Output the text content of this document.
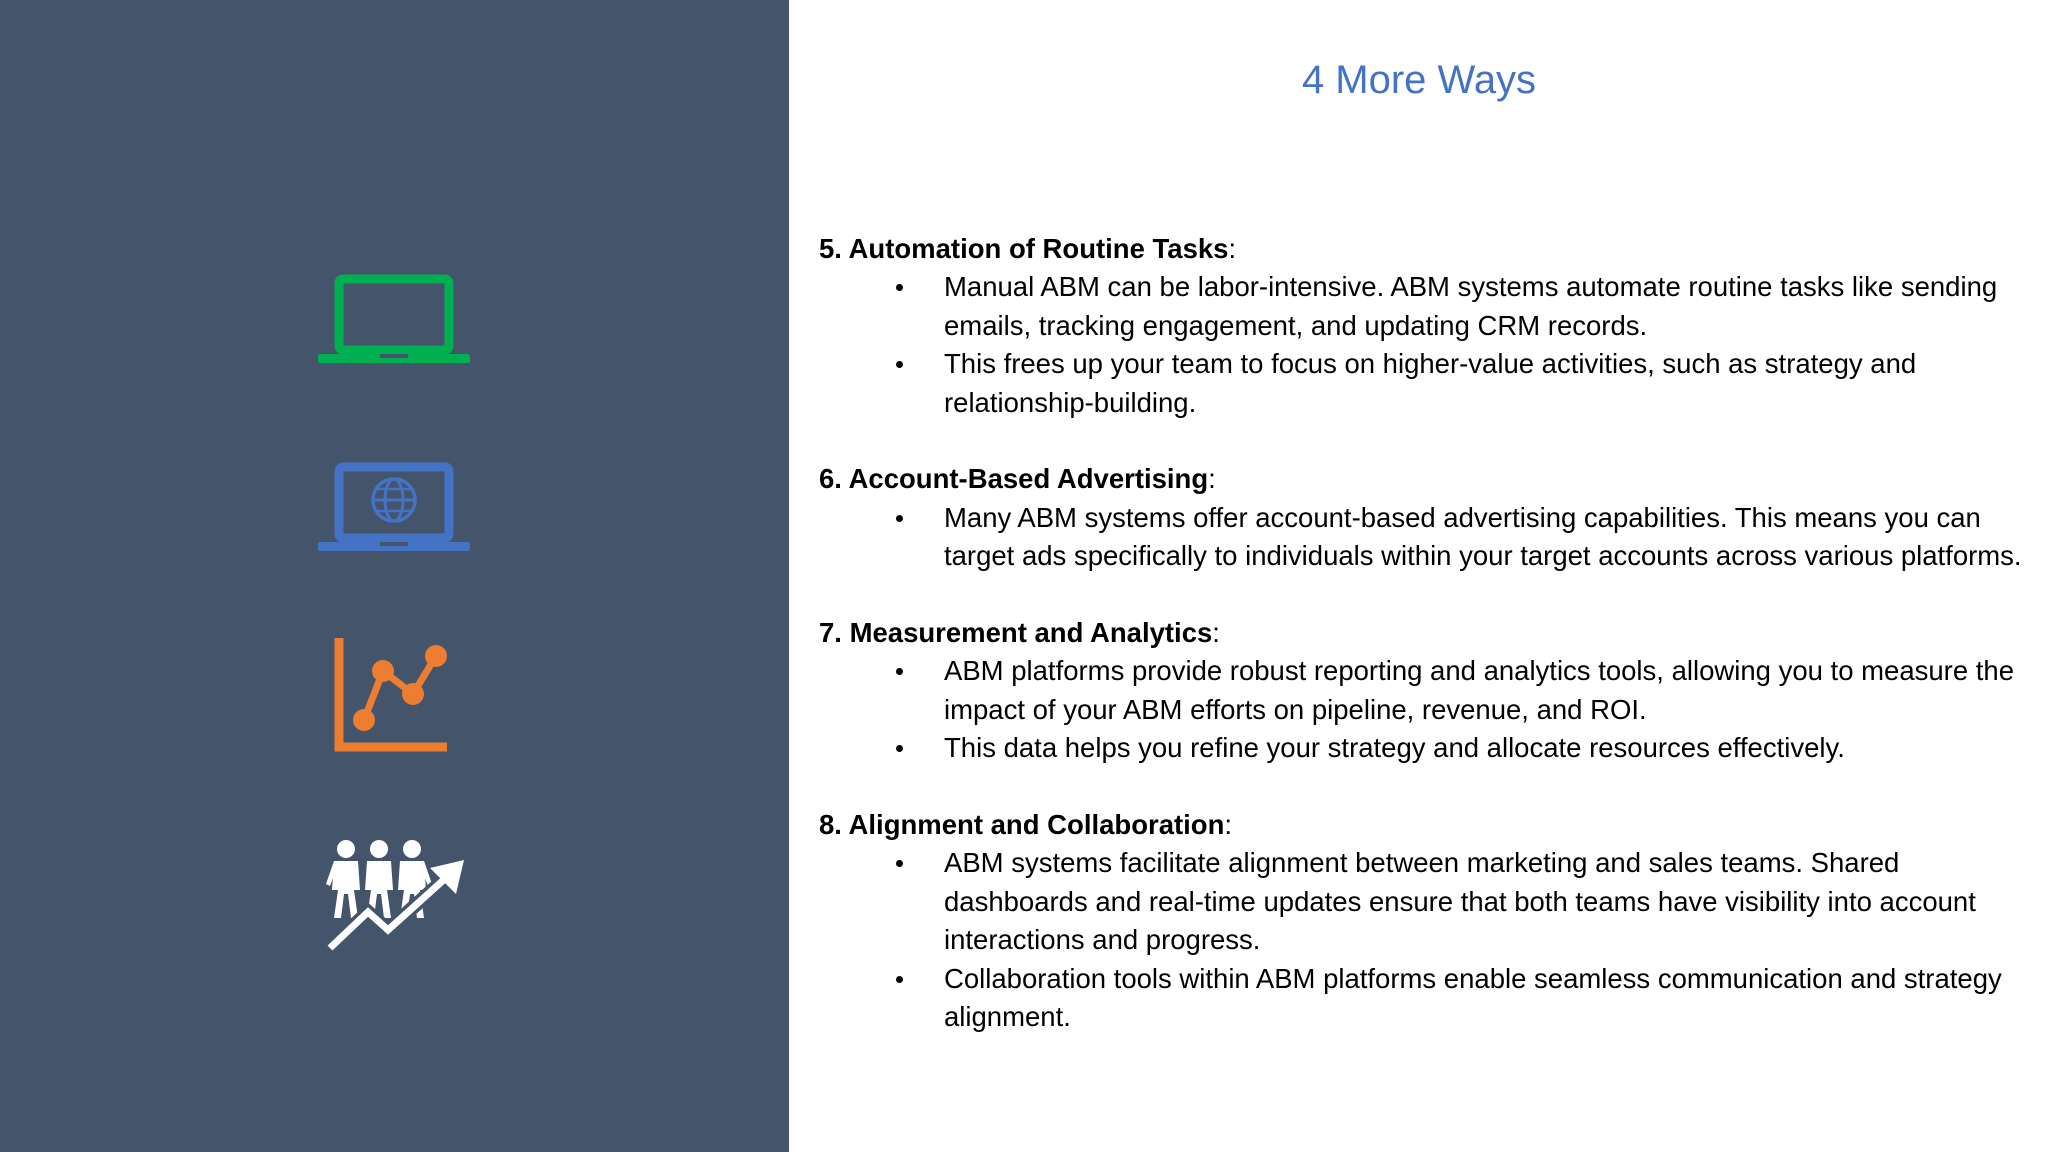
4 More Ways

5. Automation of Routine Tasks:

Manual ABM can be labor-intensive. ABM systems automate routine tasks like sending emails, tracking engagement, and updating CRM records.
This frees up your team to focus on higher-value activities, such as strategy and relationship-building.

6. Account-Based Advertising:

Many ABM systems offer account-based advertising capabilities. This means you can target ads specifically to individuals within your target accounts across various platforms.

7. Measurement and Analytics:

ABM platforms provide robust reporting and analytics tools, allowing you to measure the impact of your ABM efforts on pipeline, revenue, and ROI.
This data helps you refine your strategy and allocate resources effectively.

8. Alignment and Collaboration:

ABM systems facilitate alignment between marketing and sales teams. Shared dashboards and real-time updates ensure that both teams have visibility into account interactions and progress.
Collaboration tools within ABM platforms enable seamless communication and strategy alignment.
